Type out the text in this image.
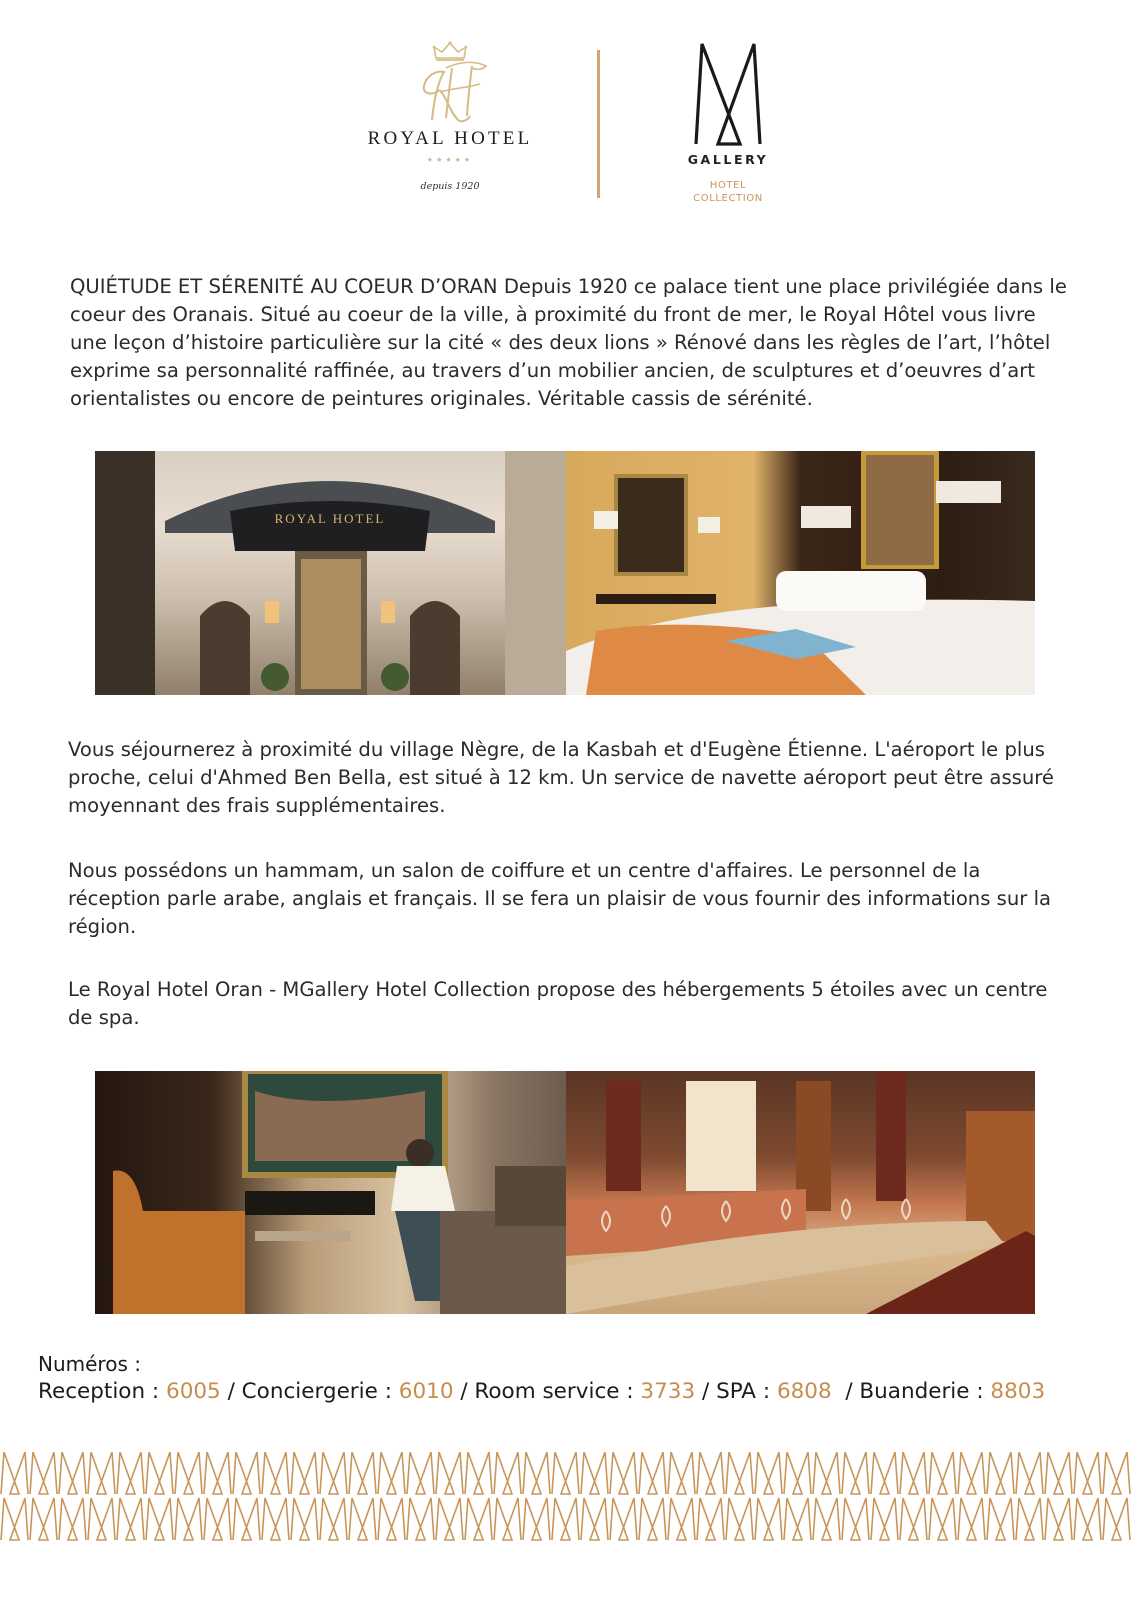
ROYAL HOTEL
★★★★★
depuis 1920
GALLERY
HOTEL
COLLECTION

QUIÉTUDE ET SÉRENITÉ AU COEUR D’ORAN Depuis 1920 ce palace tient une place privilégiée dans le coeur des Oranais. Situé au coeur de la ville, à proximité du front de mer, le Royal Hôtel vous livre une leçon d’histoire particulière sur la cité « des deux lions » Rénové dans les règles de l’art, l’hôtel exprime sa personnalité raffinée, au travers d’un mobilier ancien, de sculptures et d’oeuvres d’art orientalistes ou encore de peintures originales. Véritable cassis de sérénité.

ROYAL HOTEL

Vous séjournerez à proximité du village Nègre, de la Kasbah et d'Eugène Étienne. L'aéroport le plus proche, celui d'Ahmed Ben Bella, est situé à 12 km. Un service de navette aéroport peut être assuré moyennant des frais supplémentaires.

Nous possédons un hammam, un salon de coiffure et un centre d'affaires. Le personnel de la réception parle arabe, anglais et français. Il se fera un plaisir de vous fournir des informations sur la région.

Le Royal Hotel Oran - MGallery Hotel Collection propose des hébergements 5 étoiles avec un centre de spa.

Numéros :
Reception : 6005 / Conciergerie : 6010 / Room service : 3733 / SPA : 6808  / Buanderie : 8803
